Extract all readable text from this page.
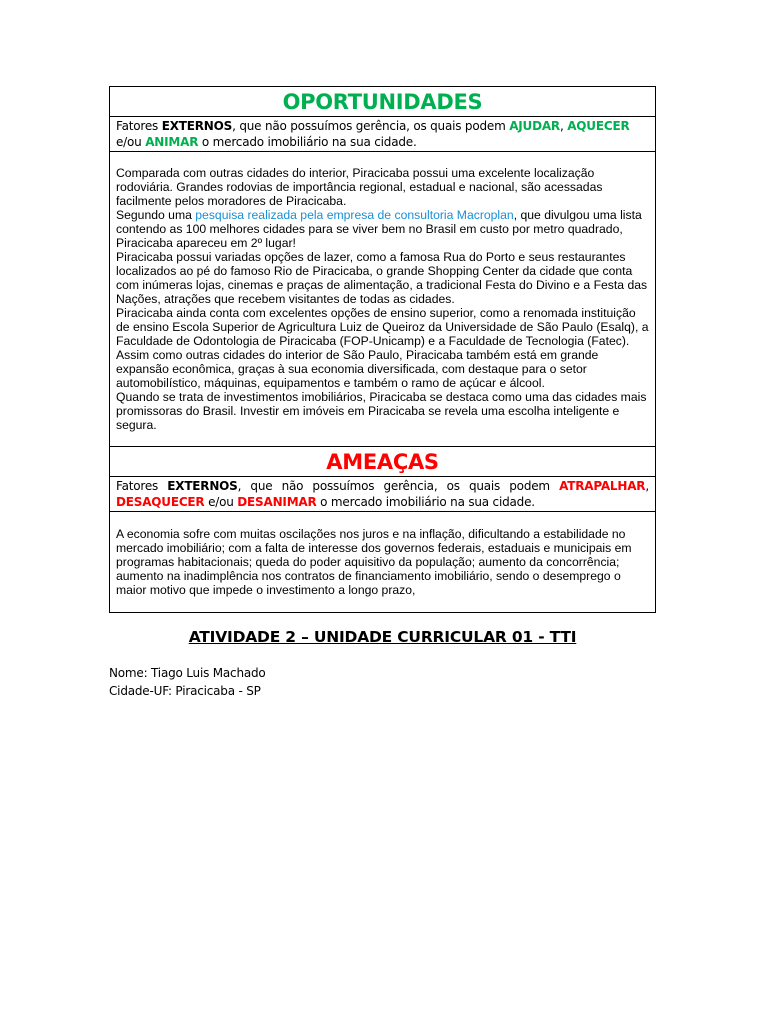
OPORTUNIDADES
Fatores EXTERNOS, que não possuímos gerência, os quais podem AJUDAR, AQUECER e/ou ANIMAR o mercado imobiliário na sua cidade.

Comparada com outras cidades do interior, Piracicaba possui uma excelente localização rodoviária. Grandes rodovias de importância regional, estadual e nacional, são acessadas facilmente pelos moradores de Piracicaba.

Segundo uma pesquisa realizada pela empresa de consultoria Macroplan, que divulgou uma lista contendo as 100 melhores cidades para se viver bem no Brasil em custo por metro quadrado, Piracicaba apareceu em 2º lugar!

Piracicaba possui variadas opções de lazer, como a famosa Rua do Porto e seus restaurantes localizados ao pé do famoso Rio de Piracicaba, o grande Shopping Center da cidade que conta com inúmeras lojas, cinemas e praças de alimentação, a tradicional Festa do Divino e a Festa das Nações, atrações que recebem visitantes de todas as cidades.

Piracicaba ainda conta com excelentes opções de ensino superior, como a renomada instituição de ensino Escola Superior de Agricultura Luiz de Queiroz da Universidade de São Paulo (Esalq), a Faculdade de Odontologia de Piracicaba (FOP-Unicamp) e a Faculdade de Tecnologia (Fatec).

Assim como outras cidades do interior de São Paulo, Piracicaba também está em grande expansão econômica, graças à sua economia diversificada, com destaque para o setor automobilístico, máquinas, equipamentos e também o ramo de açúcar e álcool.

Quando se trata de investimentos imobiliários, Piracicaba se destaca como uma das cidades mais promissoras do Brasil. Investir em imóveis em Piracicaba se revela uma escolha inteligente e segura.

AMEAÇAS
Fatores EXTERNOS, que não possuímos gerência, os quais podem ATRAPALHAR, DESAQUECER e/ou DESANIMAR o mercado imobiliário na sua cidade.

A economia sofre com muitas oscilações nos juros e na inflação, dificultando a estabilidade no mercado imobiliário; com a falta de interesse dos governos federais, estaduais e municipais em programas habitacionais; queda do poder aquisitivo da população; aumento da concorrência; aumento na inadimplência nos contratos de financiamento imobiliário, sendo o desemprego o maior motivo que impede o investimento a longo prazo,

ATIVIDADE 2 – UNIDADE CURRICULAR 01 - TTI
Nome: Tiago Luis Machado
Cidade-UF: Piracicaba - SP
